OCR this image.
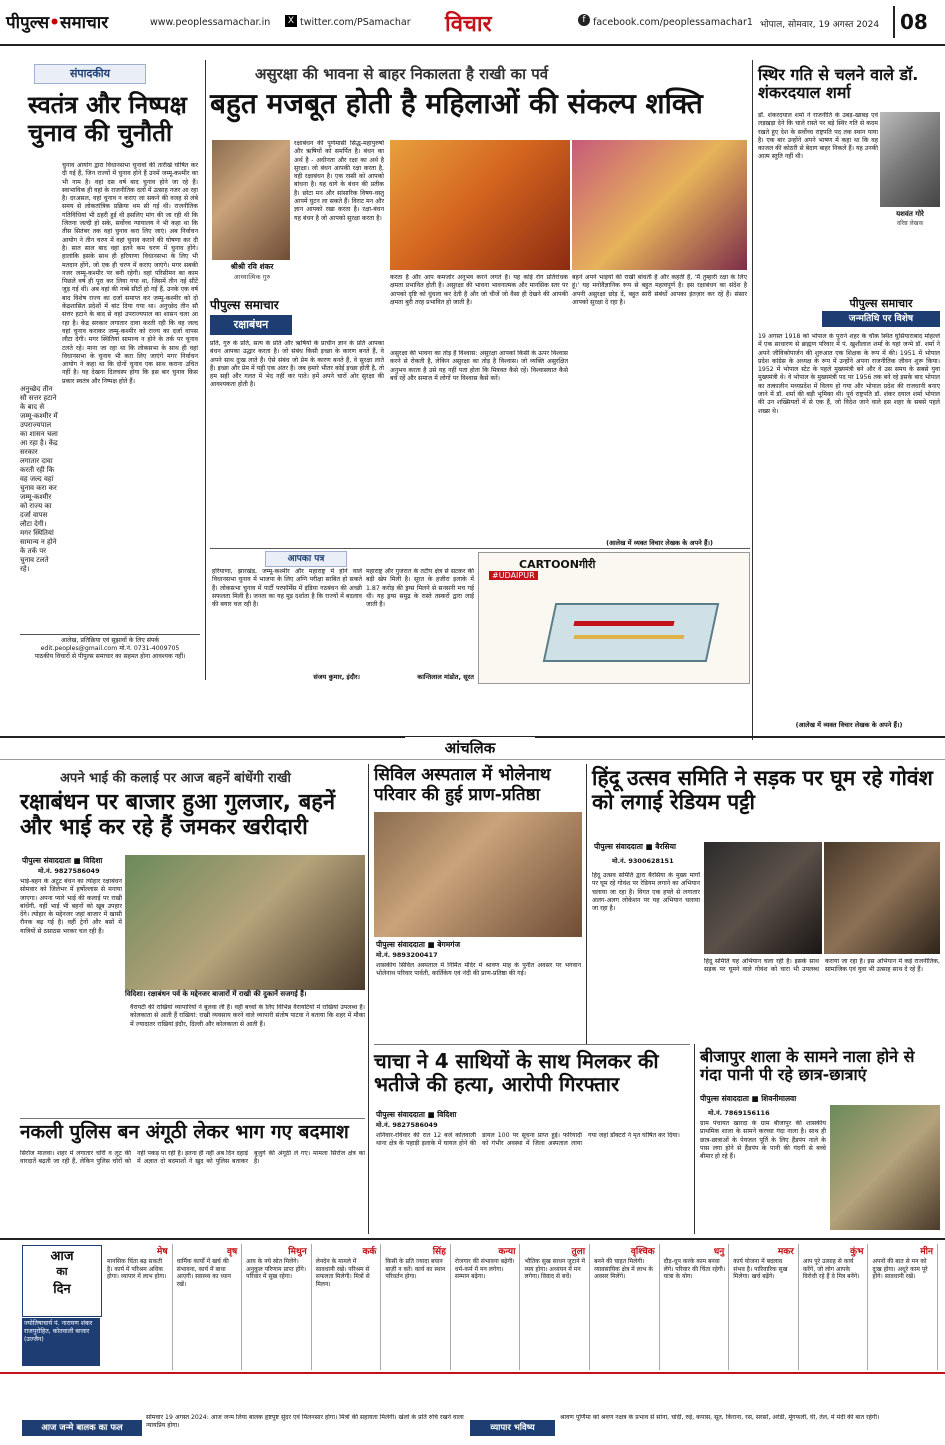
पीपुल्स•समाचार	www.peoplessamachar.in	X twitter.com/PSamachar विचार	f facebook.com/peoplessamachar1 भोपाल, सोमवार, 19 अगस्त 2024 08
संपादकीय
स्वतंत्र और निष्पक्ष चुनाव की चुनौती
चुनाव आयोग द्वारा विधानसभा चुनावों की तारीखें घोषित कर दी गई हैं, जिन राज्यों में चुनाव होने हैं उनमें जम्मू-कश्मीर का भी नाम है। वहां दस वर्ष बाद चुनाव होने जा रहे हैं। स्वाभाविक ही वहां के राजनीतिक दलों में उत्साह नजर आ रहा है। दरअसल, वहां चुनाव न कराए जा सकने की वजह से लंबे समय से लोकतांत्रिक प्रक्रिया थम सी गई थी। राजनीतिक गतिविधियां भी ठहरी हुई थी इसलिए मांग की जा रही थी कि जितना जल्दी हो सके, सर्वोच्च न्यायालय ने भी कहा था कि तीस सितंबर तक वहां चुनाव करा लिए जाएं। अब निर्वाचन आयोग ने तीन चरण में वहां चुनाव कराने की घोषणा कर दी है। सात साल बाद वहां इतने कम चरण में चुनाव होंगे। हालांकि इसके साथ ही हरियाणा विधानसभा के लिए भी मतदान होंगे, जो एक ही चरण में कराए जाएंगे। मगर सबकी नजर जम्मू-कश्मीर पर बनी रहेगी। वहां परिसीमन का काम पिछले वर्ष ही पूरा कर लिया गया था, जिसमें तीन नई सीटें जुड़ गई थीं। अब वहां की नब्बे सीटों हो गई हैं, उनके एक वर्ष बाद विशेष राज्य का दर्जा समाप्त कर जम्मू-कश्मीर को दो केंद्रशासित प्रदेशों में बांट दिया गया था। अनुच्छेद तीन सौ सत्तर हटाने के बाद से वहां उपराज्यपाल का शासन चला आ रहा है। केंद्र सरकार लगातार दावा करती रही कि वह जल्द वहां चुनाव कराकर जम्मू-कश्मीर को राज्य का दर्जा वापस लौटा देगी। मगर स्थितियां सामान्य न होने के तर्क पर चुनाव टलते रहे। माना जा रहा था कि लोकसभा के साथ ही वहां विधानसभा के चुनाव भी करा लिए जाएंगे मगर निर्वाचन आयोग ने कहा था कि दोनों चुनाव एक साथ कराना उचित नहीं है। यह देखना दिलचस्प होगा कि इस बार चुनाव किस प्रकार स्वतंत्र और निष्पक्ष होते हैं।
अनुच्छेद तीन सौ सत्तर हटाने के बाद से जम्मू-कश्मीर में उपराज्यपाल का शासन चला आ रहा है। केंद्र सरकार लगातार दावा करती रही कि वह जल्द वहां चुनाव करा कर जम्मू-कश्मीर को राज्य का दर्जा वापस लौटा देगी। मगर स्थितियां सामान्य न होने के तर्क पर चुनाव टलते रहे।
आलेख, प्रतिक्रिया एवं सुझावों के लिए संपर्क
edit.peoples@gmail.com मो.नं. 0731-4009705
पाठकीय विचारों से पीपुल्स समाचार का सहमत होना आवश्यक नहीं।
असुरक्षा की भावना से बाहर निकालता है राखी का पर्व
बहुत मजबूत होती है महिलाओं की संकल्प शक्ति
श्रीश्री रवि शंकर
आध्यात्मिक गुरु
रक्षाबंधन की पूर्णमासी सिद्ध-महापुरुषों और ऋषियों को समर्पित है। बंधन का अर्थ है - अधीनता और रक्षा का अर्थ है सुरक्षा। जो बंधन आपकी रक्षा करता है, वही रक्षाबंधन है। एक रस्सी को आपको बांधना है। यह धागे के बंधन की प्रतीक है। छोटा मन और सांसारिक विषय-वस्तु आपमें घुटन ला सकते हैं। विराट मन और ज्ञान आपको रखा करता है। रक्षा-बंधन यह बंधन है जो आपको सुरक्षा करता है।
पीपुल्स समाचार
रक्षाबंधन
प्रति, गुरु के प्रति, सत्य के प्रति और ऋषियों के प्राचीन ज्ञान के प्रति आपका बंधन आपका उद्धार करता है। जो संबंध किसी इच्छा के कारण बनते हैं, वे अपने साथ दुःख लाते हैं। ऐसे संबंध जो प्रेम के कारण बनते हैं, वे सुरक्षा लाते हैं। इच्छा और प्रेम में यही एक अंतर है। जब हमारे भीतर कोई इच्छा होती है, तो हम सही और गलत में भेद नहीं कर पाते। हमें अपने चारों ओर सुरक्षा की आवश्यकता होती है।
करता है और आप कमजोर अनुभव करने लगते हैं। यह कोई रोग प्रतिरोधक क्षमता प्रभावित होती है। असुरक्षा की भावना भावनात्मक और मानसिक स्तर पर आपको दृष्टि को धुंधला कर देती है और जो चीजें जो वैसा ही देखने की आपकी क्षमता बुरी तरह प्रभावित हो जाती है।
असुरक्षा की भावना का तोड़ है विश्वास: असुरक्षा आपको किसी के ऊपर विश्वास करने से रोकती है, लेकिन असुरक्षा का तोड़ है विश्वास। जो व्यक्ति असुरक्षित अनुभव करता है उसे यह नहीं पता होता कि मित्रवत कैसे रहें। विश्वासघात कैसे बचें रहें और समाज में लोगों पर विश्वास कैसे करें।
बहनें अपने भाइयों की राखी बांधती हैं और कहती हैं, 'मैं तुम्हारी रक्षा के लिए हूं।' यह मनोवैज्ञानिक रूप से बहुत महत्वपूर्ण है। इस रक्षाबंधन का संदेश है अपनी असुरक्षा छोड़ दें, बहुत सारी संबंधों आपका इंतज़ार कर रहे हैं। संसार आपको सुरक्षा दे रहा है।
(आलेख में व्यक्त विचार लेखक के अपने हैं।)
स्थिर गति से चलने वाले डॉ. शंकरदयाल शर्मा
डॉ. शंकरदयाल शर्मा ने राजनीति के उबड़-खाबड़ एवं लड़खड़ा देने कि चाले रास्ते पर बड़े स्थिर गति से कदम रखते हुए देश के सर्वोच्च राष्ट्रपति पद तक स्थान पाया है। एक बार उन्होंने अपने भाषण में कहा था कि वह काजल की कोठरी से बेदाग बाहर निकले हैं। यह उनकी आत्म स्तुति नहीं थी।
यशवंत गोरे
वरिष्ठ लेखक
पीपुल्स समाचार
जन्मतिथि पर विशेष
19 अगस्त 1918 को भोपाल के पुराने शहर के चौक स्थित घुसियाराबाद मोहल्ले में एक साधारण से ब्राह्मण परिवार में पं. खुशीलाल शर्मा के यहां जन्मे डॉ. शर्मा ने अपने जीविकोपार्जन की शुरुआत एक शिक्षक के रूप में की। 1951 में भोपाल प्रदेश कांग्रेस के अध्यक्ष के रूप में उन्होंने अपना राजनीतिक जीवन शुरू किया। 1952 में भोपाल स्टेट के पहले मुख्यमंत्री बने और वे उस समय के सबसे युवा मुख्यमंत्री थे। वे भोपाल के मुख्यमंत्री पद पर 1956 तक बने रहे इसके बाद भोपाल का तत्कालीन मध्यप्रदेश में विलय हो गया और भोपाल प्रदेश की राजधानी बनाए जाने में डॉ. शर्मा की बड़ी भूमिका थी। पूर्व राष्ट्रपति डॉ. शंकर दयाल शर्मा भोपाल की उन शख्सियतों में से एक हैं, जो विदेश जाने वाले इस शहर के सबसे पहले शख्स थे।
(आलेख में व्यक्त विचार लेखक के अपने हैं।)
आपका पत्र
हरियाणा, झारखंड, जम्मू-कश्मीर और महाराष्ट्र में होने वाले विधानसभा चुनाव में भाजपा के लिए अग्नि परीक्षा साबित हो सकते हैं। लोकसभा चुनाव में पार्टी परफॉर्मेंस में इंडिया गठबंधन की अच्छी सफलता मिली है। जनता का यह मूड दर्शाता है कि राज्यों में बदलाव की बयार चल रही है।
संजय कुमार, इंदौर।
महाराष्ट्र और गुजरात के तटीय क्षेत्र से सटकर की बड़ी खेप मिली है। सूरत के हजीरा इलाके में 1.87 करोड़ की ड्रग्स मिलने से सनसनी मच गई थी। यह ड्रग्स समुद्र के रास्ते तस्करों द्वारा लाई जाती है।
कान्तिलाल मांडोत, सूरत
CARTOONगीरी
#UDAIPUR
आंचलिक
अपने भाई की कलाई पर आज बहनें बांधेंगी राखी
रक्षाबंधन पर बाजार हुआ गुलजार, बहनें और भाई कर रहे हैं जमकर खरीदारी
पीपुल्स संवाददाता ■ विदिशा
मो.नं. 9827586049
विदिशा। रक्षाबंधन पर्व के मद्देनजर बाजारों में राखी की दुकानें सजगई हैं।
भाई-बहन के अटूट बंधन का त्योहार रक्षाबंधन सोमवार को जिलेभर में हर्षोल्लास से मनाया जाएगा। अपना प्यारे भाई की कलाई पर राखी बांधेंगी, वहीं भाई भी बहनों को खूब उपहार देंगे। त्योहार के मद्देनजर जहां बाजार में खासी रौनक बढ़ गई है। वहीं ट्रेनों और बसों में यात्रियों से ठसाठस भरकर चल रही हैं।
वैरायटी की राखियां व्यापारियों ने बुलवा ली हैं। वहीं बच्चों के लिए विभिन्न वैरायटियों में राखियां उपलब्ध हैं। कोलकाता से आती हैं राखियां: राखी व्यवसाय करने वाले व्यापारी संतोष पाटवा ने बताया कि शहर में मौका में ज्यादातर राखियां इंदौर, दिल्ली और कोलकाता से आती हैं।
नकली पुलिस बन अंगूठी लेकर भाग गए बदमाश
सिरोंज मालवा। शहर में लगातार चोरी व लूट की वारदातें बढ़ती जा रही हैं, लेकिन पुलिस चोरों को नहीं पकड़ पा रही है। इतना ही नहीं अब दिन दहाड़े में अज्ञात दो बदमाशों ने खुद को पुलिस बताकर बुजुर्ग की अंगूठी ले गए। मामला सिरोंज क्षेत्र का है।
सिविल अस्पताल में भोलेनाथ परिवार की हुई प्राण-प्रतिष्ठा
पीपुल्स संवाददाता ■ बेगमगंज
मो.नं. 9893200417
शासकीय सिविल अस्पताल में निर्मित मंदिर में श्रावण माह के पुनीत अवसर पर भगवान भोलेनाथ परिवार पार्वती, कार्तिकेय एवं नंदी की प्राण-प्रतिष्ठा की गई।
हिंदू उत्सव समिति ने सड़क पर घूम रहे गोवंश को लगाई रेडियम पट्टी
पीपुल्स संवाददाता ■ बैरसिया
मो.नं. 9300628151
हिंदू उत्सव समिति द्वारा बैरसिया के मुख्य मार्गों पर घूम रहे गोवंश पर रेडियम लगाने का अभियान चलाया जा रहा है। विगत एक हफ्ते से लगातार अलग-अलग लोकेशन पर यह अभियान चलाया जा रहा है।
हिंदू समिति यह अभियान चला रही है। इसके साथ सड़क पर घूमने वाले गोवंश को चारा भी उपलब्ध कराया जा रहा है। इस अभियान में कई राजनीतिक, सामाजिक एवं युवा भी उत्साह साथ दे रहे हैं।
चाचा ने 4 साथियों के साथ मिलकर की भतीजे की हत्या, आरोपी गिरफ्तार
पीपुल्स संवाददाता ■ विदिशा
मो.नं. 9827586049
शनिवार-रविवार की रात 12 बजे कोतवाली थाना क्षेत्र के पहाड़ी इलाके में घायल होने की डायल 100 पर सूचना प्राप्त हुई। फरियादी को गंभीर अवस्था में जिला अस्पताल लाया गया जहां डॉक्टरों ने मृत घोषित कर दिया।
बीजापुर शाला के सामने नाला होने से गंदा पानी पी रहे छात्र-छात्राएं
पीपुल्स संवाददाता ■ शिवनीमालवा
मो.नं. 7869156116
ग्राम पंचायत खारदा के ग्राम बीजापुर की शासकीय प्राथमिक शाला के सामने करच्चा गंदा नाला है। साथ ही छात्र-छात्राओं के पेयजल पूर्ति के लिए हैंडपंप नाले के पास लगा होने से हैंडपंप के पानी की गंदगी से बच्चे बीमार हो रहे हैं।
आज
का
दिन
ज्योतिषाचार्य पं. नारायण शंकर राजपुरोहित, कोतवाली बाजार (उज्जैन)
मेष
मानसिक चिंता बढ़ सकती है। कार्य में परिश्रम अधिक होगा। व्यापार में लाभ होगा।
वृष
धार्मिक कार्यों में खर्च की संभावना, कार्य में बाधा आएगी। स्वास्थ्य का ध्यान रखें।
मिथुन
आय के नये स्रोत मिलेंगे। अनुकूल परिणाम प्राप्त होंगे। परिवार में सुख रहेगा।
कर्क
लेनदेन के मामले में सावधानी रखें। परिश्रम से सफलता मिलेगी। मित्रों से मिलन।
सिंह
किसी के प्रति ज्यादा बयान बाज़ी न करें। कार्य का स्थान परिवर्तन होगा।
कन्या
रोजगार की संभावना बढ़ेगी। धर्म-कर्म में मन लगेगा। सम्मान बढ़ेगा।
तुला
भौतिक सुख साधन जुटाने में व्यय होगा। अध्ययन में मन लगेगा। विवाद से बचें।
वृश्चिक
बनने की चाहत मिलेगी। व्यावसायिक क्षेत्र में लाभ के अवसर मिलेंगे।
धनु
दौड़-धूप करके काम बनवा लेंगे। परिवार की चिंता रहेगी। यात्रा के योग।
मकर
कार्य योजना में बदलाव संभव है। पारिवारिक सुख मिलेगा। खर्च बढ़ेंगे।
कुंभ
आप पूरे उत्साह से कार्य करेंगे, जो लोग आपके विरोधी रहे हैं वे मित्र बनेंगे।
मीन
अपनों की बात से मन को दुःख होगा। अधूरे काम पूरे होंगे। सावधानी रखें।
आज जन्मे बालक का फल
सोमवार 19 अगस्त 2024: आज जन्म लिया बालक हृष्टपुष्ट सुंदर एवं मिलनसार होगा। मित्रों की सहायता मिलेगी। खेलों के प्रति रुचि रखने वाला न्यायप्रिय होगा।	व्यापार भविष्य
श्रावण पूर्णिमा को श्रवण नक्षत्र के प्रभाव से सोना, चांदी, रुई, कपास, सूत, किराना, रस, सरसों, अरंडी, मूंगफली, घी, तेल, में मंदी की बात रहेगी।
